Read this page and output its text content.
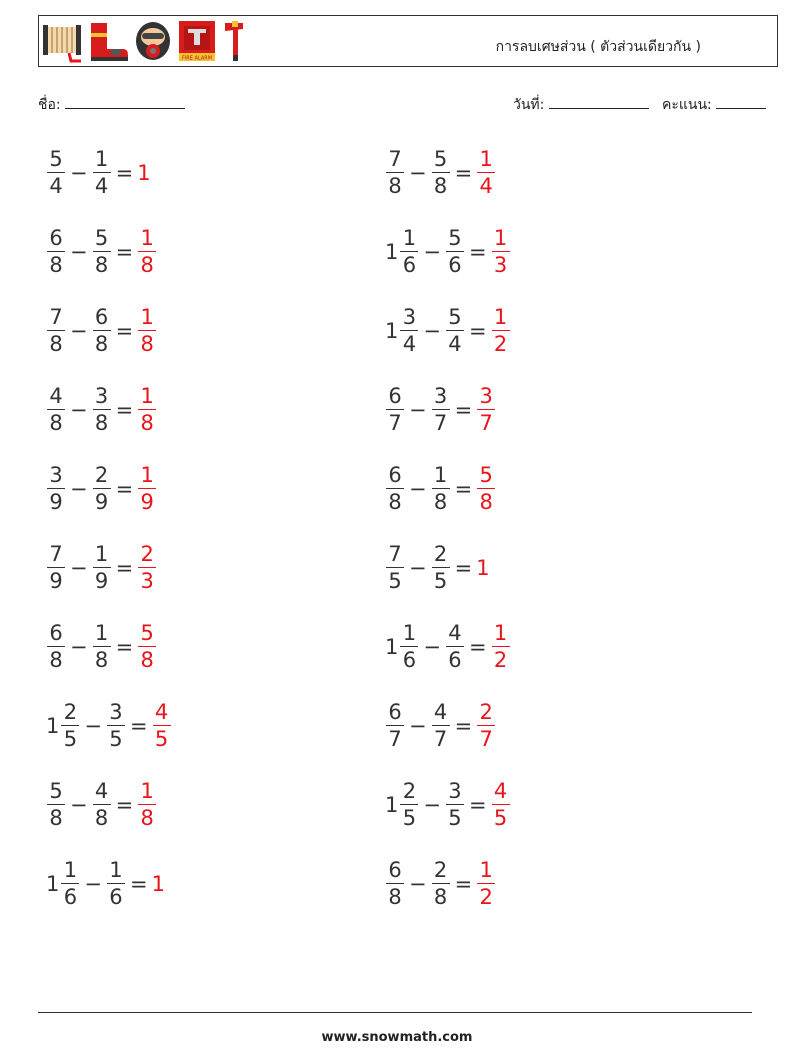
FIRE ALARM
การลบเศษส่วน ( ตัวส่วนเดียวกัน )
ชื่อ:	วันที่:	คะแนน:
$\frac{5}{4} - \frac{1}{4} = 1$	$\frac{7}{8} - \frac{5}{8} = \frac{1}{4}$
$\frac{6}{8} - \frac{5}{8} = \frac{1}{8}$	$1 \frac{1}{6} - \frac{5}{6} = \frac{1}{3}$
$\frac{7}{8} - \frac{6}{8} = \frac{1}{8}$	$1 \frac{3}{4} - \frac{5}{4} = \frac{1}{2}$
$\frac{4}{8} - \frac{3}{8} = \frac{1}{8}$	$\frac{6}{7} - \frac{3}{7} = \frac{3}{7}$
$\frac{3}{9} - \frac{2}{9} = \frac{1}{9}$	$\frac{6}{8} - \frac{1}{8} = \frac{5}{8}$
$\frac{7}{9} - \frac{1}{9} = \frac{2}{3}$	$\frac{7}{5} - \frac{2}{5} = 1$
$\frac{6}{8} - \frac{1}{8} = \frac{5}{8}$	$1 \frac{1}{6} - \frac{4}{6} = \frac{1}{2}$
$1 \frac{2}{5} - \frac{3}{5} = \frac{4}{5}$	$\frac{6}{7} - \frac{4}{7} = \frac{2}{7}$
$\frac{5}{8} - \frac{4}{8} = \frac{1}{8}$	$1 \frac{2}{5} - \frac{3}{5} = \frac{4}{5}$
$1 \frac{1}{6} - \frac{1}{6} = 1$	$\frac{6}{8} - \frac{2}{8} = \frac{1}{2}$
www.snowmath.com
